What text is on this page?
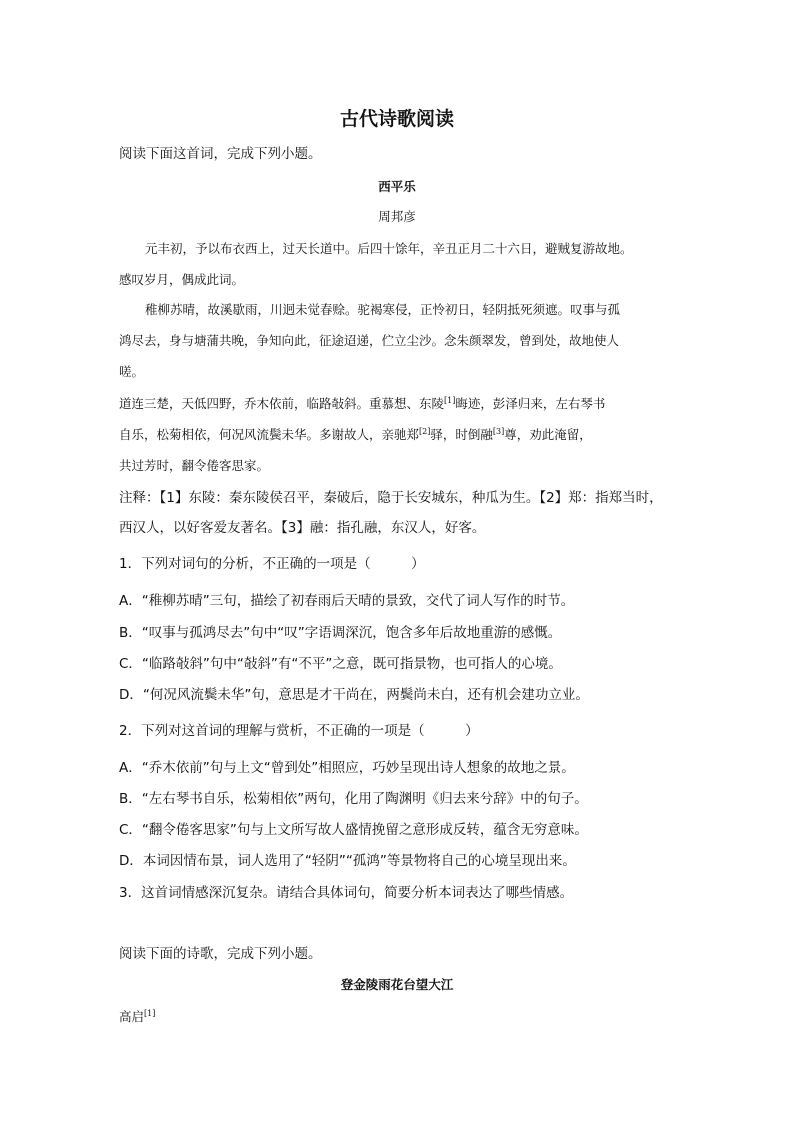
古代诗歌阅读
阅读下面这首词，完成下列小题。
西平乐
周邦彦
元丰初，予以布衣西上，过天长道中。后四十馀年，辛丑正月二十六日，避贼复游故地。
感叹岁月，偶成此词。
稚柳苏晴，故溪歇雨，川迥未觉春赊。驼褐寒侵，正怜初日，轻阴抵死须遮。叹事与孤
鸿尽去，身与塘蒲共晚，争知向此，征途迢递，伫立尘沙。念朱颜翠发，曾到处，故地使人
嗟。
道连三楚，天低四野，乔木依前，临路敧斜。重慕想、东陵[1]晦迹，彭泽归来，左右琴书
自乐，松菊相依，何况风流鬓未华。多谢故人，亲驰郑[2]驿，时倒融[3]尊，劝此淹留，
共过芳时，翻令倦客思家。
注释：【1】东陵：秦东陵侯召平，秦破后，隐于长安城东，种瓜为生。【2】郑：指郑当时，
西汉人，以好客爱友著名。【3】融：指孔融，东汉人，好客。
1．下列对词句的分析，不正确的一项是（　　　）
A．“稚柳苏晴”三句，描绘了初春雨后天晴的景致，交代了词人写作的时节。
B．“叹事与孤鸿尽去”句中“叹”字语调深沉，饱含多年后故地重游的感慨。
C．“临路敧斜”句中“敧斜”有“不平”之意，既可指景物，也可指人的心境。
D．“何况风流鬓未华”句，意思是才干尚在，两鬓尚未白，还有机会建功立业。
2．下列对这首词的理解与赏析，不正确的一项是（　　　）
A．“乔木依前”句与上文“曾到处”相照应，巧妙呈现出诗人想象的故地之景。
B．“左右琴书自乐，松菊相依”两句，化用了陶渊明《归去来兮辞》中的句子。
C．“翻令倦客思家”句与上文所写故人盛情挽留之意形成反转，蕴含无穷意味。
D．本词因情布景，词人选用了“轻阴”“孤鸿”等景物将自己的心境呈现出来。
3．这首词情感深沉复杂。请结合具体词句，简要分析本词表达了哪些情感。
阅读下面的诗歌，完成下列小题。
登金陵雨花台望大江
高启[1]
